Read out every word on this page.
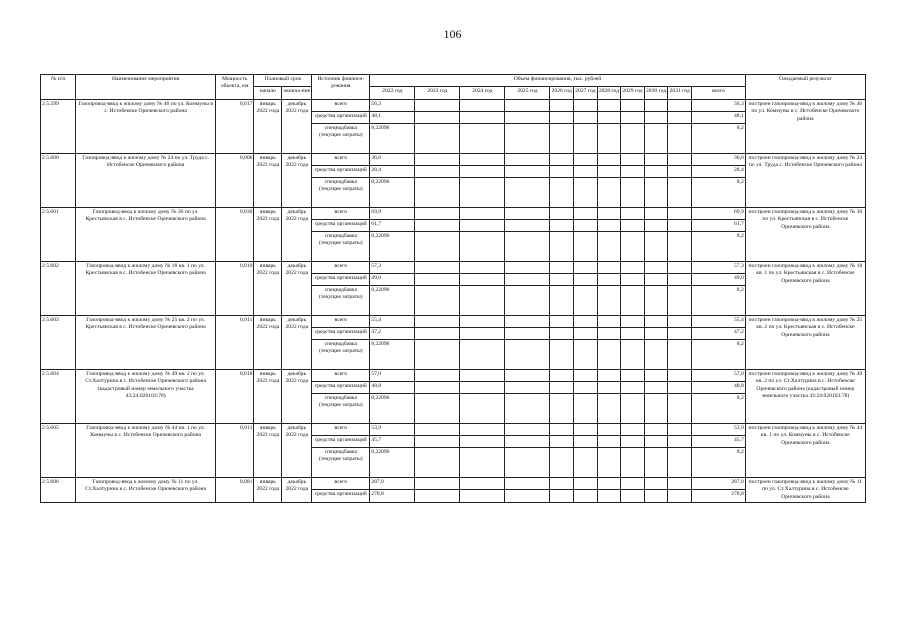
106
№ п/п	Наименование мероприятия	Мощность объекта, км	Плановый срок		Источник финанси-рования	Объем финансирования, тыс. рублей											Ожидаемый результат
			начало	оконча-ние		2022 год	2023 год	2024 год	2025 год	2026 год	2027 год	2028 год	2029 год	2030 год	2031 год	всего	
2.5.599	Газопровод-ввод к жилому дому № 46 по ул. Коммуны в с. Истобенске Оричевского района	0,017	январь 2022 года	декабрь 2022 года	всего	56,3										56,3	построен газопровод-ввод к жилому дому № 46 по ул. Коммуны в с. Истобенске Оричевского района
					средства организаций	48,1										48,1	
					спецнадбавка (текущие затраты)	8,22096										8,2	
2.5.600	Газопровод-ввод к жилому дому № 24 по ул. Труда с. Истобенске Оричевского района	0,006	январь 2022 года	декабрь 2022 года	всего	36,6										36,6	построен газопровод-ввод к жилому дому № 24 по ул. Труда с. Истобенске Оричевского района
					средства организаций	28,4										28,4	
					спецнадбавка (текущие затраты)	8,22096										8,2	
2.5.601	Газопровод-ввод к жилому дому № 36 по ул. Крестьянская в с. Истобенске Оричевского района	0,030	январь 2022 года	декабрь 2022 года	всего	69,9										69,9	построен газопровод-ввод к жилому дому № 36 по ул. Крестьянская в с. Истобенске Оричевского района
					средства организаций	61,7										61,7	
					спецнадбавка (текущие затраты)	8,22096										8,2	
2.5.602	Газопровод-ввод к жилому дому № 18 кв. 1 по ул. Крестьянская в с. Истобенске Оричевского района	0,010	январь 2022 года	декабрь 2022 года	всего	57,3										57,3	построен газопровод-ввод к жилому дому № 18 кв. 1 по ул. Крестьянская в с. Истобенске Оричевского района
					средства организаций	49,0										49,0	
					спецнадбавка (текущие затраты)	8,22096										8,2	
2.5.603	Газопровод-ввод к жилому дому № 25 кв. 2 по ул. Крестьянская в с. Истобенске Оричевского района	0,011	январь 2022 года	декабрь 2022 года	всего	55,4										55,4	построен газопровод-ввод к жилому дому № 25 кв. 2 по ул. Крестьянская в с. Истобенске Оричевского района
					средства организаций	47,2										47,2	
					спецнадбавка (текущие затраты)	8,22096										8,2	
2.5.604	Газопровод-ввод к жилому дому № 49 кв. 2 по ул. Ст.Халтурина в с. Истобенске Оричевского района (кадастровый номер земельного участка 43:24:020103:78)	0,018	январь 2022 года	декабрь 2022 года	всего	57,0										57,0	построен газопровод-ввод к жилому дому № 49 кв. 2 по ул. Ст.Халтурина в с. Истобенске Оричевского района (кадастровый номер земельного участка 43:24:020103:78)
					средства организаций	48,8										48,8	
					спецнадбавка (текущие затраты)	8,22096										8,2	
2.5.605	Газопровод-ввод к жилому дому № 44 кв. 1 по ул. Коммуны в с. Истобенске Оричевского района	0,011	январь 2022 года	декабрь 2022 года	всего	53,9										53,9	построен газопровод-ввод к жилому дому № 44 кв. 1 по ул. Коммуны в с. Истобенске Оричевского района
					средства организаций	45,7										45,7	
					спецнадбавка (текущие затраты)	8,22096										8,2	
2.5.606	Газопровод-ввод к жилому дому № 11 по ул. Ст.Халтурина в с. Истобенске Оричевского района	0,081	январь 2022 года	декабрь 2022 года	всего	287,0										287,0	построен газопровод-ввод к жилому дому № 11 по ул. Ст.Халтурина в с. Истобенске Оричевского района
					средства организаций	278,8										278,8	
